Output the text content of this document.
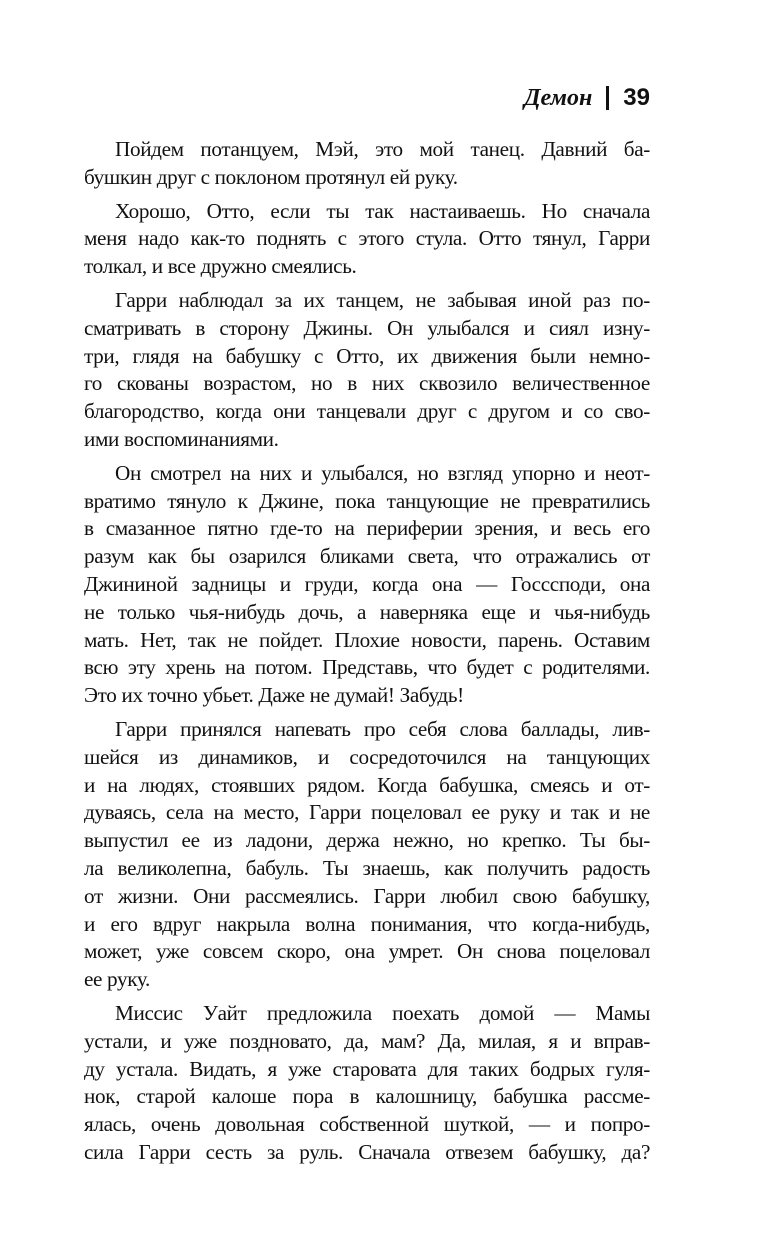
Демон 39
Пойдем потанцуем, Мэй, это мой танец. Давний ба-
бушкин друг с поклоном протянул ей руку.
Хорошо, Отто, если ты так настаиваешь. Но сначала
меня надо как-то поднять с этого стула. Отто тянул, Гарри
толкал, и все дружно смеялись.
Гарри наблюдал за их танцем, не забывая иной раз по-
сматривать в сторону Джины. Он улыбался и сиял изну-
три, глядя на бабушку с Отто, их движения были немно-
го скованы возрастом, но в них сквозило величественное
благородство, когда они танцевали друг с другом и со сво-
ими воспоминаниями.
Он смотрел на них и улыбался, но взгляд упорно и неот-
вратимо тянуло к Джине, пока танцующие не превратились
в смазанное пятно где-то на периферии зрения, и весь его
разум как бы озарился бликами света, что отражались от
Джининой задницы и груди, когда она — Госссподи, она
не только чья-нибудь дочь, а наверняка еще и чья-нибудь
мать. Нет, так не пойдет. Плохие новости, парень. Оставим
всю эту хрень на потом. Представь, что будет с родителями.
Это их точно убьет. Даже не думай! Забудь!
Гарри принялся напевать про себя слова баллады, лив-
шейся из динамиков, и сосредоточился на танцующих
и на людях, стоявших рядом. Когда бабушка, смеясь и от-
дуваясь, села на место, Гарри поцеловал ее руку и так и не
выпустил ее из ладони, держа нежно, но крепко. Ты бы-
ла великолепна, бабуль. Ты знаешь, как получить радость
от жизни. Они рассмеялись. Гарри любил свою бабушку,
и его вдруг накрыла волна понимания, что когда-нибудь,
может, уже совсем скоро, она умрет. Он снова поцеловал
ее руку.
Миссис Уайт предложила поехать домой — Мамы
устали, и уже поздновато, да, мам? Да, милая, я и вправ-
ду устала. Видать, я уже старовата для таких бодрых гуля-
нок, старой калоше пора в калошницу, бабушка рассме-
ялась, очень довольная собственной шуткой, — и попро-
сила Гарри сесть за руль. Сначала отвезем бабушку, да?
